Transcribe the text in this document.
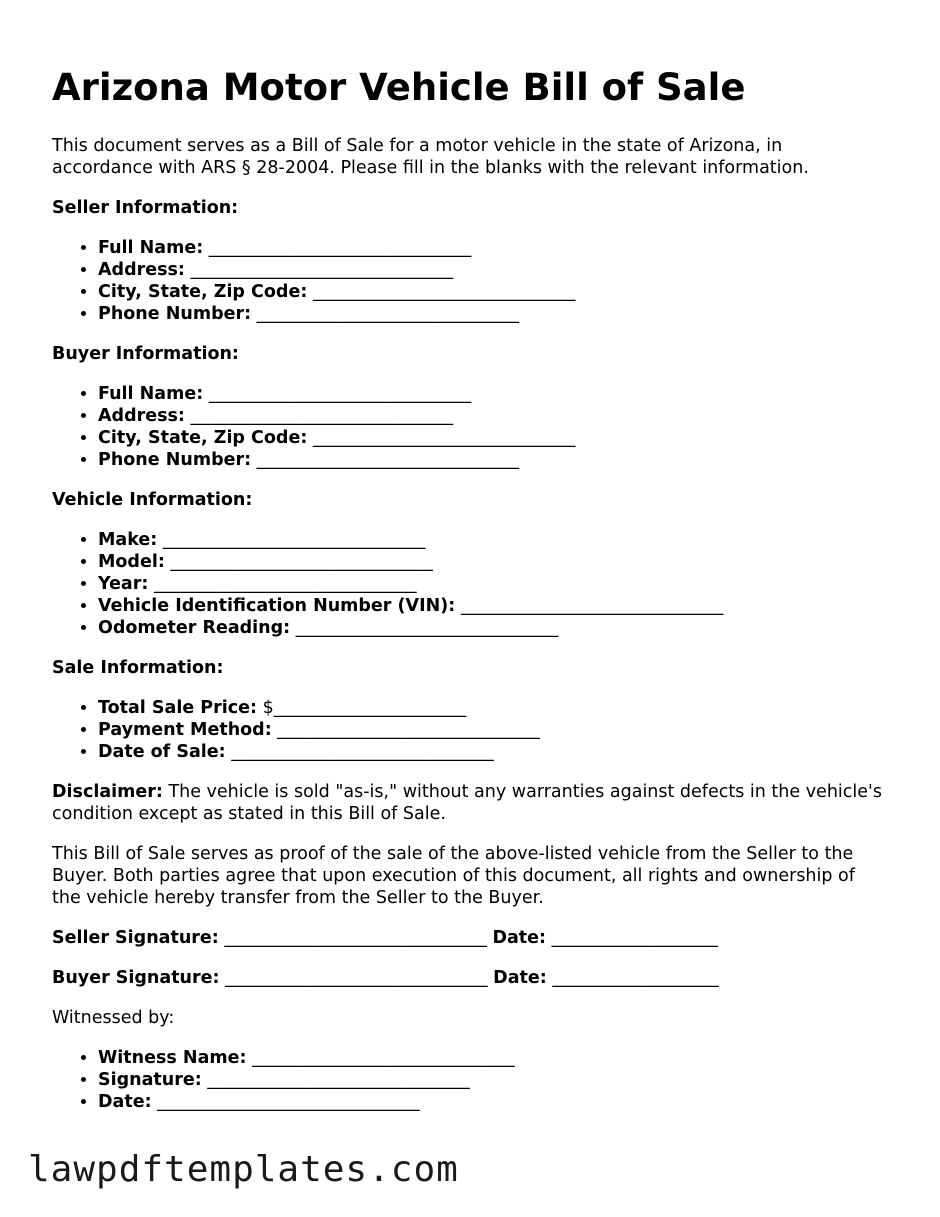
Arizona Motor Vehicle Bill of Sale

This document serves as a Bill of Sale for a motor vehicle in the state of Arizona, in accordance with ARS § 28-2004. Please fill in the blanks with the relevant information.

Seller Information:
• Full Name: ______________________________
• Address: ______________________________
• City, State, Zip Code: ______________________________
• Phone Number: ______________________________
Buyer Information:
• Full Name: ______________________________
• Address: ______________________________
• City, State, Zip Code: ______________________________
• Phone Number: ______________________________
Vehicle Information:
• Make: ______________________________
• Model: ______________________________
• Year: ______________________________
• Vehicle Identification Number (VIN): ______________________________
• Odometer Reading: ______________________________
Sale Information:
• Total Sale Price: $______________________
• Payment Method: ______________________________
• Date of Sale: ______________________________

Disclaimer: The vehicle is sold "as-is," without any warranties against defects in the vehicle's condition except as stated in this Bill of Sale.

This Bill of Sale serves as proof of the sale of the above-listed vehicle from the Seller to the Buyer. Both parties agree that upon execution of this document, all rights and ownership of the vehicle hereby transfer from the Seller to the Buyer.

Seller Signature: ______________________________ Date: ___________________
Buyer Signature: ______________________________ Date: ___________________

Witnessed by:

• Witness Name: ______________________________
• Signature: ______________________________
• Date: ______________________________
lawpdftemplates.com
